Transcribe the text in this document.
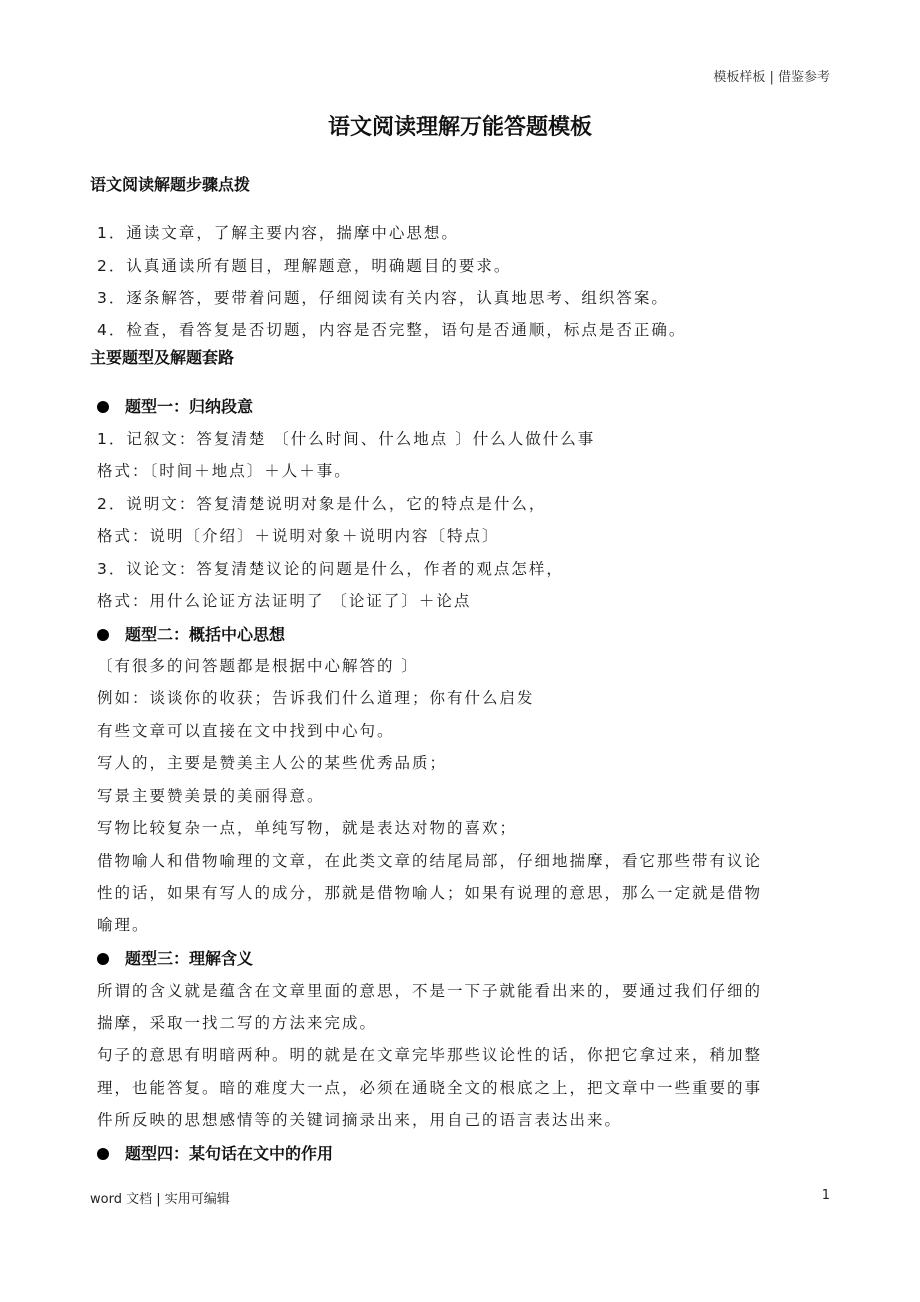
模板样板 | 借鉴参考
语文阅读理解万能答题模板
语文阅读解题步骤点拨
1．通读文章，了解主要内容，揣摩中心思想。
2．认真通读所有题目，理解题意，明确题目的要求。
3．逐条解答，要带着问题，仔细阅读有关内容，认真地思考、组织答案。
4．检查，看答复是否切题，内容是否完整，语句是否通顺，标点是否正确。
主要题型及解题套路
题型一：归纳段意
1．记叙文：答复清楚 〔什么时间、什么地点 〕什么人做什么事
格式：〔时间＋地点〕＋人＋事。
2．说明文：答复清楚说明对象是什么，它的特点是什么，
格式：说明〔介绍〕＋说明对象＋说明内容〔特点〕
3．议论文：答复清楚议论的问题是什么，作者的观点怎样，
格式：用什么论证方法证明了 〔论证了〕＋论点
题型二：概括中心思想
〔有很多的问答题都是根据中心解答的 〕
例如：谈谈你的收获；告诉我们什么道理；你有什么启发
有些文章可以直接在文中找到中心句。
写人的，主要是赞美主人公的某些优秀品质；
写景主要赞美景的美丽得意。
写物比较复杂一点，单纯写物，就是表达对物的喜欢；
借物喻人和借物喻理的文章，在此类文章的结尾局部，仔细地揣摩，看它那些带有议论
性的话，如果有写人的成分，那就是借物喻人；如果有说理的意思，那么一定就是借物
喻理。
题型三：理解含义
所谓的含义就是蕴含在文章里面的意思，不是一下子就能看出来的，要通过我们仔细的
揣摩，采取一找二写的方法来完成。
句子的意思有明暗两种。明的就是在文章完毕那些议论性的话，你把它拿过来，稍加整
理，也能答复。暗的难度大一点，必须在通晓全文的根底之上，把文章中一些重要的事
件所反映的思想感情等的关键词摘录出来，用自己的语言表达出来。
题型四：某句话在文中的作用
word 文档 | 实用可编辑	1
